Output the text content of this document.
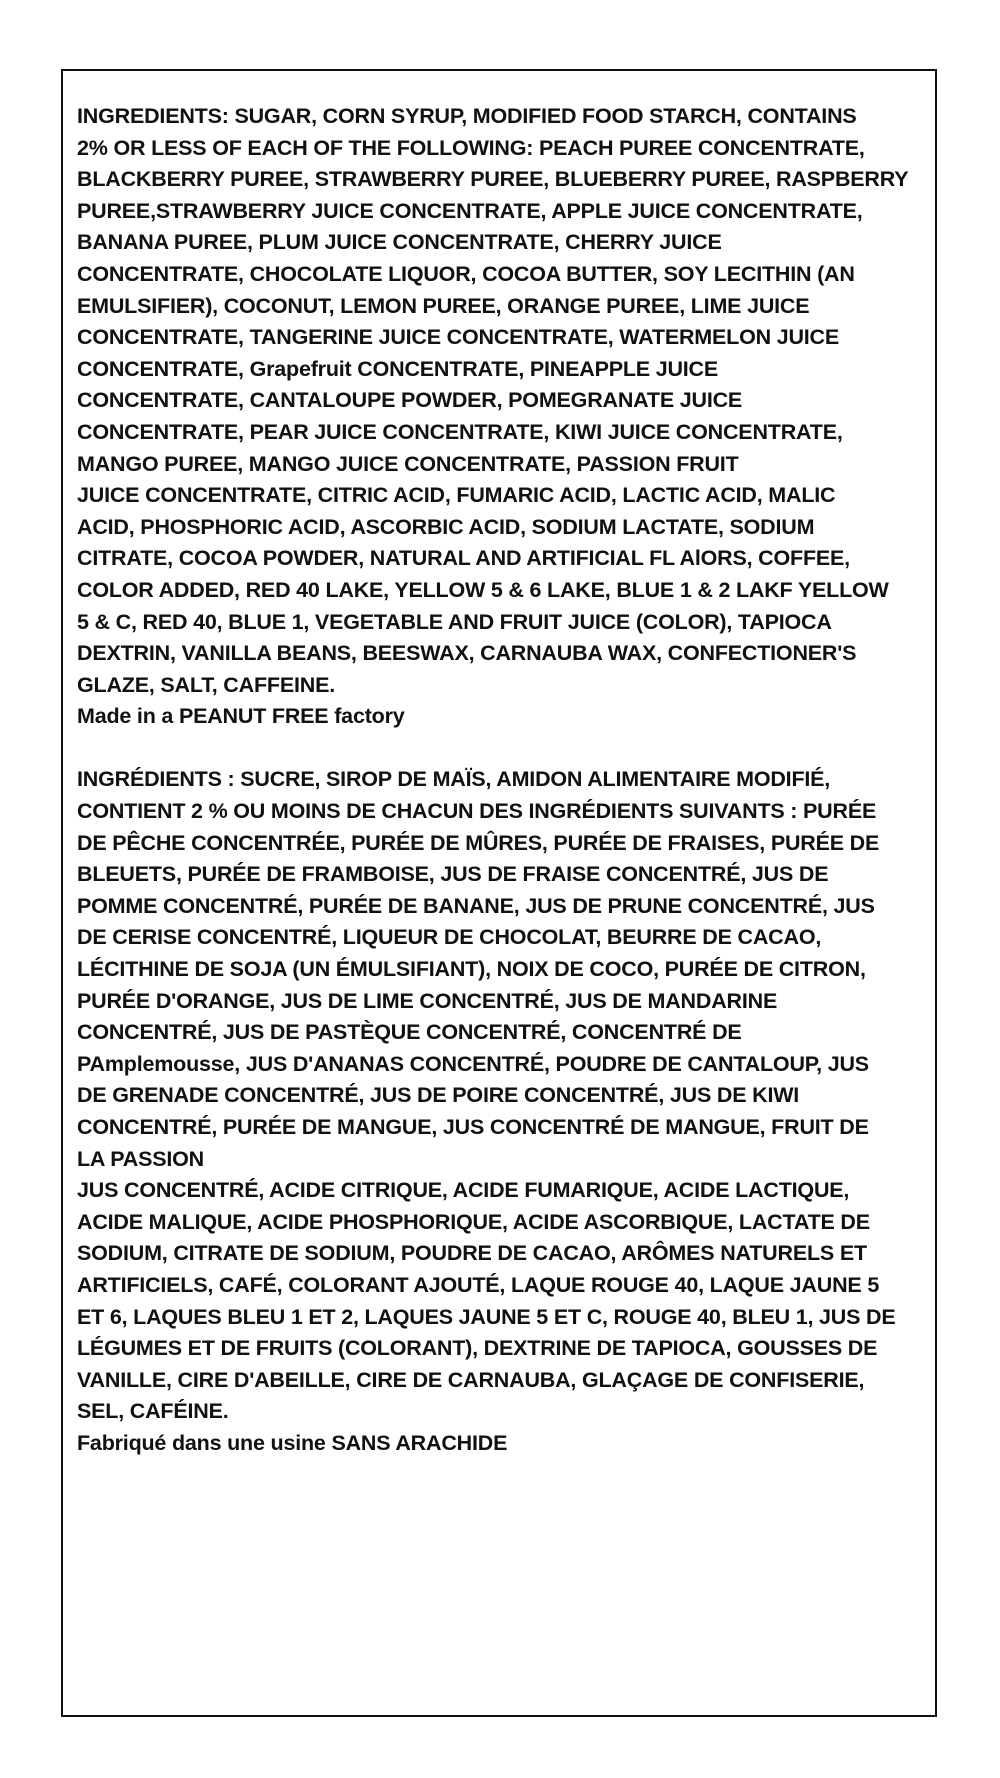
INGREDIENTS: SUGAR, CORN SYRUP, MODIFIED FOOD STARCH, CONTAINS
2% OR LESS OF EACH OF THE FOLLOWING: PEACH PUREE CONCENTRATE,
BLACKBERRY PUREE, STRAWBERRY PUREE, BLUEBERRY PUREE, RASPBERRY
PUREE,STRAWBERRY JUICE CONCENTRATE, APPLE JUICE CONCENTRATE,
BANANA PUREE, PLUM JUICE CONCENTRATE, CHERRY JUICE
CONCENTRATE, CHOCOLATE LIQUOR, COCOA BUTTER, SOY LECITHIN (AN
EMULSIFIER), COCONUT, LEMON PUREE, ORANGE PUREE, LIME JUICE
CONCENTRATE, TANGERINE JUICE CONCENTRATE, WATERMELON JUICE
CONCENTRATE, Grapefruit CONCENTRATE, PINEAPPLE JUICE
CONCENTRATE, CANTALOUPE POWDER, POMEGRANATE JUICE
CONCENTRATE, PEAR JUICE CONCENTRATE, KIWI JUICE CONCENTRATE,
MANGO PUREE, MANGO JUICE CONCENTRATE, PASSION FRUIT
JUICE CONCENTRATE, CITRIC ACID, FUMARIC ACID, LACTIC ACID, MALIC
ACID, PHOSPHORIC ACID, ASCORBIC ACID, SODIUM LACTATE, SODIUM
CITRATE, COCOA POWDER, NATURAL AND ARTIFICIAL FL AlORS, COFFEE,
COLOR ADDED, RED 40 LAKE, YELLOW 5 & 6 LAKE, BLUE 1 & 2 LAKF YELLOW
5 & C, RED 40, BLUE 1, VEGETABLE AND FRUIT JUICE (COLOR), TAPIOCA
DEXTRIN, VANILLA BEANS, BEESWAX, CARNAUBA WAX, CONFECTIONER'S
GLAZE, SALT, CAFFEINE.

Made in a PEANUT FREE factory

INGRÉDIENTS : SUCRE, SIROP DE MAÏS, AMIDON ALIMENTAIRE MODIFIÉ,
CONTIENT 2 % OU MOINS DE CHACUN DES INGRÉDIENTS SUIVANTS : PURÉE
DE PÊCHE CONCENTRÉE, PURÉE DE MÛRES, PURÉE DE FRAISES, PURÉE DE
BLEUETS, PURÉE DE FRAMBOISE, JUS DE FRAISE CONCENTRÉ, JUS DE
POMME CONCENTRÉ, PURÉE DE BANANE, JUS DE PRUNE CONCENTRÉ, JUS
DE CERISE CONCENTRÉ, LIQUEUR DE CHOCOLAT, BEURRE DE CACAO,
LÉCITHINE DE SOJA (UN ÉMULSIFIANT), NOIX DE COCO, PURÉE DE CITRON,
PURÉE D'ORANGE, JUS DE LIME CONCENTRÉ, JUS DE MANDARINE
CONCENTRÉ, JUS DE PASTÈQUE CONCENTRÉ, CONCENTRÉ DE
PAmplemousse, JUS D'ANANAS CONCENTRÉ, POUDRE DE CANTALOUP, JUS
DE GRENADE CONCENTRÉ, JUS DE POIRE CONCENTRÉ, JUS DE KIWI
CONCENTRÉ, PURÉE DE MANGUE, JUS CONCENTRÉ DE MANGUE, FRUIT DE
LA PASSION
JUS CONCENTRÉ, ACIDE CITRIQUE, ACIDE FUMARIQUE, ACIDE LACTIQUE,
ACIDE MALIQUE, ACIDE PHOSPHORIQUE, ACIDE ASCORBIQUE, LACTATE DE
SODIUM, CITRATE DE SODIUM, POUDRE DE CACAO, ARÔMES NATURELS ET
ARTIFICIELS, CAFÉ, COLORANT AJOUTÉ, LAQUE ROUGE 40, LAQUE JAUNE 5
ET 6, LAQUES BLEU 1 ET 2, LAQUES JAUNE 5 ET C, ROUGE 40, BLEU 1, JUS DE
LÉGUMES ET DE FRUITS (COLORANT), DEXTRINE DE TAPIOCA, GOUSSES DE
VANILLE, CIRE D'ABEILLE, CIRE DE CARNAUBA, GLAÇAGE DE CONFISERIE,
SEL, CAFÉINE.

Fabriqué dans une usine SANS ARACHIDE
